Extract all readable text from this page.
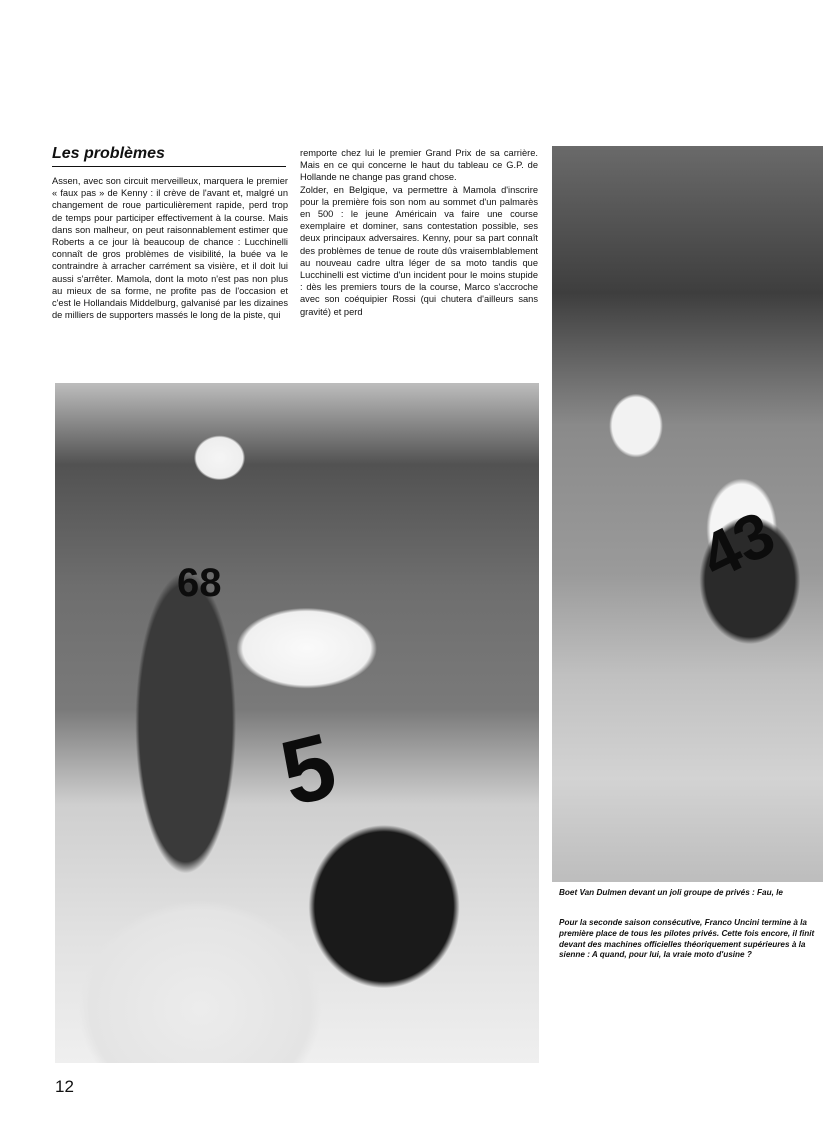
Les problèmes

Assen, avec son circuit merveilleux, marquera le premier « faux pas » de Kenny : il crève de l'avant et, malgré un changement de roue particulièrement rapide, perd trop de temps pour participer effectivement à la course. Mais dans son malheur, on peut raisonnablement estimer que Roberts a ce jour là beaucoup de chance : Lucchinelli connaît de gros problèmes de visibilité, la buée va le contraindre à arracher carrément sa visière, et il doit lui aussi s'arrêter. Mamola, dont la moto n'est pas non plus au mieux de sa forme, ne profite pas de l'occasion et c'est le Hollandais Middelburg, galvanisé par les dizaines de milliers de supporters massés le long de la piste, qui

remporte chez lui le premier Grand Prix de sa carrière. Mais en ce qui concerne le haut du tableau ce G.P. de Hollande ne change pas grand chose.

Zolder, en Belgique, va permettre à Mamola d'inscrire pour la première fois son nom au sommet d'un palmarès en 500 : le jeune Américain va faire une course exemplaire et dominer, sans contestation possible, ses deux principaux adversaires. Kenny, pour sa part connaît des problèmes de tenue de route dûs vraisemblablement au nouveau cadre ultra léger de sa moto tandis que Lucchinelli est victime d'un incident pour le moins stupide : dès les premiers tours de la course, Marco s'accroche avec son coéquipier Rossi (qui chutera d'ailleurs sans gravité) et perd

68
5
43

Boet Van Dulmen devant un joli groupe de privés : Fau, le

Pour la seconde saison consécutive, Franco Uncini termine à la première place de tous les pilotes privés. Cette fois encore, il finit devant des machines officielles théoriquement supérieures à la sienne : A quand, pour lui, la vraie moto d'usine ?

12
